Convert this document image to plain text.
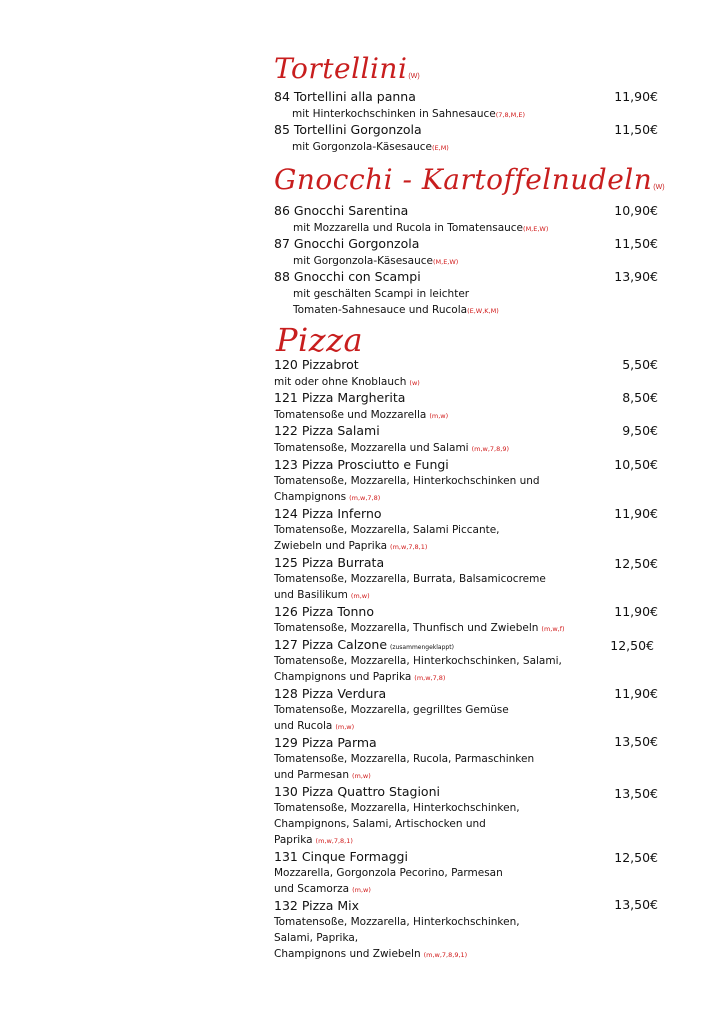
Tortellini(W)
84 Tortellini alla panna	11,90€
mit Hinterkochschinken in Sahnesauce(7,8,M,E)
85 Tortellini Gorgonzola	11,50€
mit Gorgonzola-Käsesauce(E,M)
Gnocchi - Kartoffelnudeln(W)
86 Gnocchi Sarentina	10,90€
mit Mozzarella und Rucola in Tomatensauce(M,E,W)
87 Gnocchi Gorgonzola	11,50€
mit Gorgonzola-Käsesauce(M,E,W)
88 Gnocchi con Scampi	13,90€
mit geschälten Scampi in leichter
Tomaten-Sahnesauce und Rucola(E,W,K,M)
Pizza
120 Pizzabrot	5,50€
mit oder ohne Knoblauch (w)
121 Pizza Margherita	8,50€
Tomatensoße und Mozzarella (m,w)
122 Pizza Salami	9,50€
Tomatensoße, Mozzarella und Salami (m,w,7,8,9)
123 Pizza Prosciutto e Fungi	10,50€
Tomatensoße, Mozzarella, Hinterkochschinken und
Champignons (m,w,7,8)
124 Pizza Inferno	11,90€
Tomatensoße, Mozzarella, Salami Piccante,
Zwiebeln und Paprika (m,w,7,8,1)
125 Pizza Burrata	12,50€
Tomatensoße, Mozzarella, Burrata, Balsamicocreme
und Basilikum (m,w)
126 Pizza Tonno	11,90€
Tomatensoße, Mozzarella, Thunfisch und Zwiebeln (m,w,f)
127 Pizza Calzone (zusammengeklappt)	12,50€
Tomatensoße, Mozzarella, Hinterkochschinken, Salami,
Champignons und Paprika (m,w,7,8)
128 Pizza Verdura	11,90€
Tomatensoße, Mozzarella, gegrilltes Gemüse
und Rucola (m,w)
129 Pizza Parma	13,50€
Tomatensoße, Mozzarella, Rucola, Parmaschinken
und Parmesan (m,w)
130 Pizza Quattro Stagioni	13,50€
Tomatensoße, Mozzarella, Hinterkochschinken,
Champignons, Salami, Artischocken und
Paprika (m,w,7,8,1)
131 Cinque Formaggi	12,50€
Mozzarella, Gorgonzola Pecorino, Parmesan
und Scamorza (m,w)
132 Pizza Mix	13,50€
Tomatensoße, Mozzarella, Hinterkochschinken,
Salami, Paprika,
Champignons und Zwiebeln (m,w,7,8,9,1)
